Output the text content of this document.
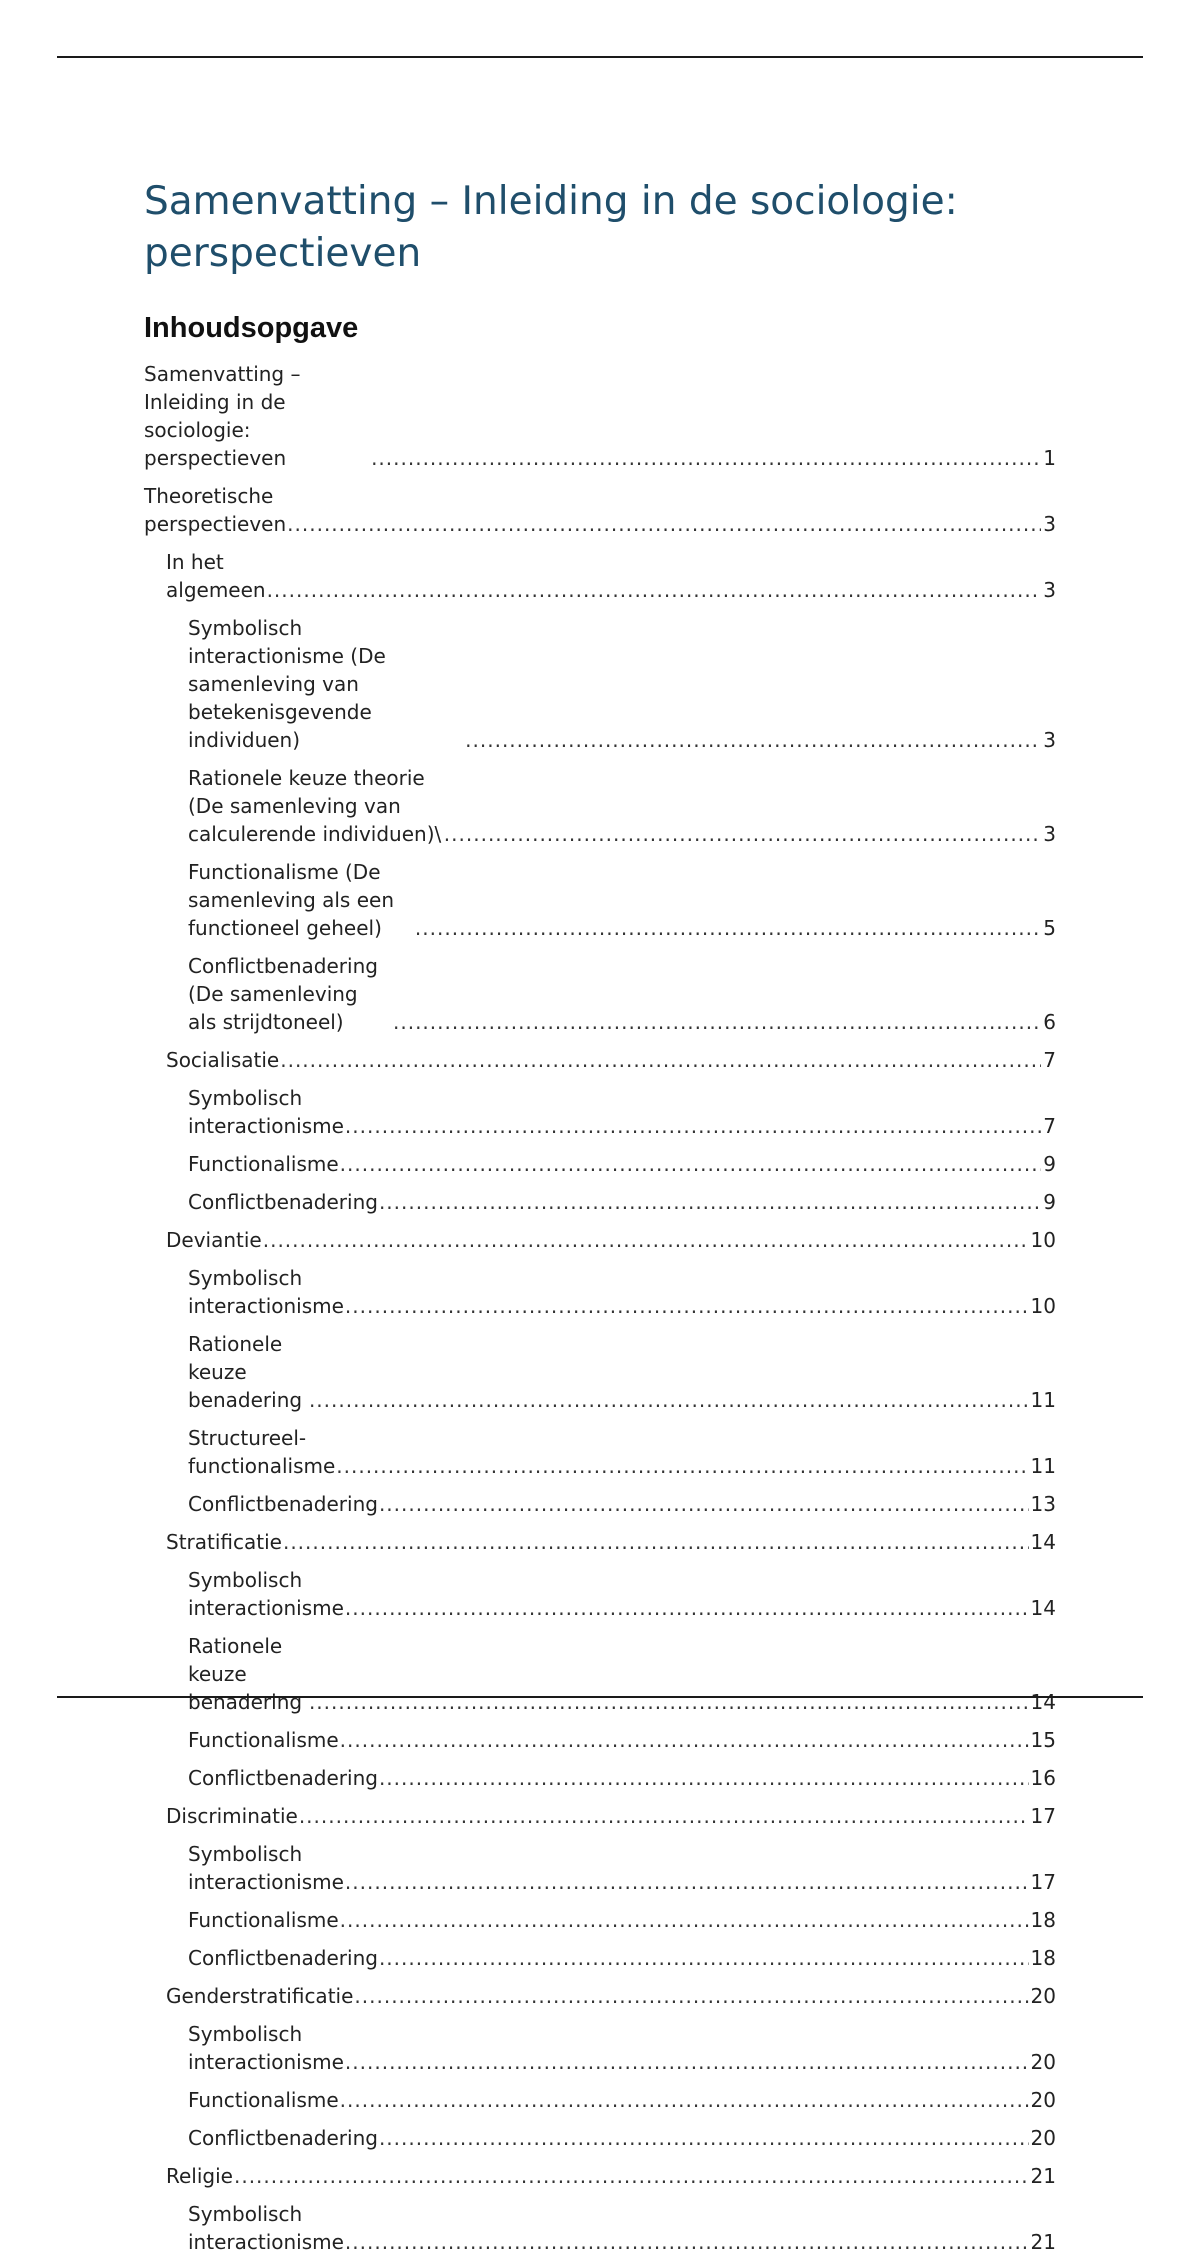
Samenvatting – Inleiding in de sociologie: perspectieven
Inhoudsopgave
Samenvatting – Inleiding in de sociologie: perspectieven .....	1
Theoretische perspectieven .....	3
In het algemeen .....	3
Symbolisch interactionisme (De samenleving van betekenisgevende individuen) .....	3
Rationele keuze theorie (De samenleving van calculerende individuen)\ .....	3
Functionalisme (De samenleving als een functioneel geheel) .....	5
Conflictbenadering (De samenleving als strijdtoneel) .....	6
Socialisatie .....	7
Symbolisch interactionisme .....	7
Functionalisme .....	9
Conflictbenadering .....	9
Deviantie .....	10
Symbolisch interactionisme .....	10
Rationele keuze benadering .....	11
Structureel-functionalisme .....	11
Conflictbenadering .....	13
Stratificatie .....	14
Symbolisch interactionisme .....	14
Rationele keuze benadering .....	14
Functionalisme .....	15
Conflictbenadering .....	16
Discriminatie .....	17
Symbolisch interactionisme .....	17
Functionalisme .....	18
Conflictbenadering .....	18
Genderstratificatie .....	20
Symbolisch interactionisme .....	20
Functionalisme .....	20
Conflictbenadering .....	20
Religie .....	21
Symbolisch interactionisme .....	21
